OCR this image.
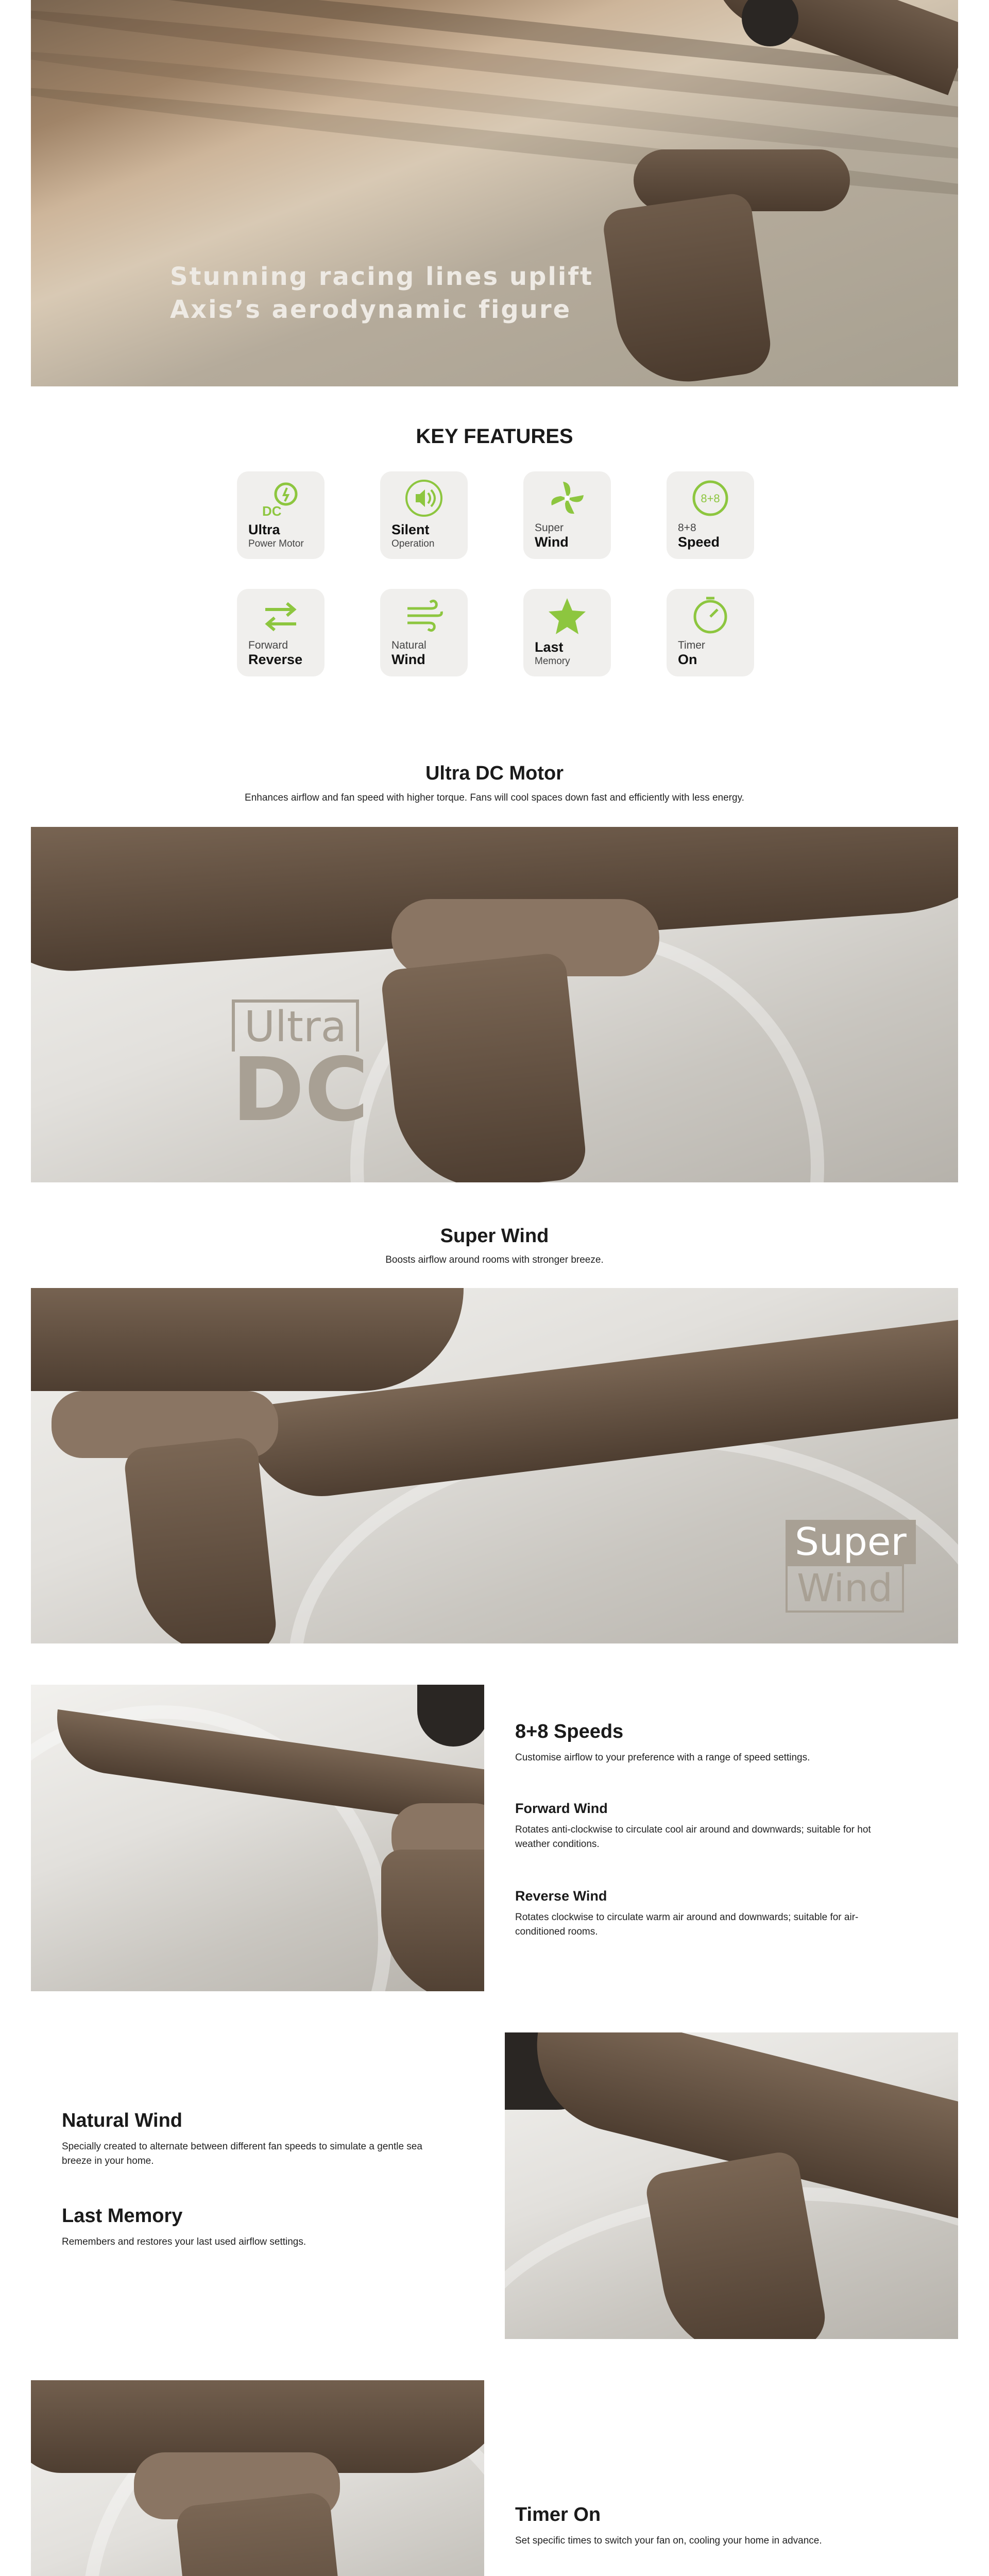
Stunning racing lines uplift
Axis’s aerodynamic figure
KEY FEATURES
DC
Ultra
Power Motor
Silent
Operation
Super
Wind
8+8
8+8
Speed
Forward
Reverse
Natural
Wind
Last
Memory
Timer
On
Ultra DC Motor
Enhances airflow and fan speed with higher torque. Fans will cool spaces down fast and efficiently with less energy.
Ultra
DC
Super Wind
Boosts airflow around rooms with stronger breeze.
Super
Wind
8+8 Speeds
Customise airflow to your preference with a range of speed settings.
Forward Wind
Rotates anti-clockwise to circulate cool air around and downwards; suitable for hot weather conditions.
Reverse Wind
Rotates clockwise to circulate warm air around and downwards; suitable for air-conditioned rooms.
Natural Wind
Specially created to alternate between different fan speeds to simulate a gentle sea breeze in your home.
Last Memory
Remembers and restores your last used airflow settings.
Timer On
Set specific times to switch your fan on, cooling your home in advance.
